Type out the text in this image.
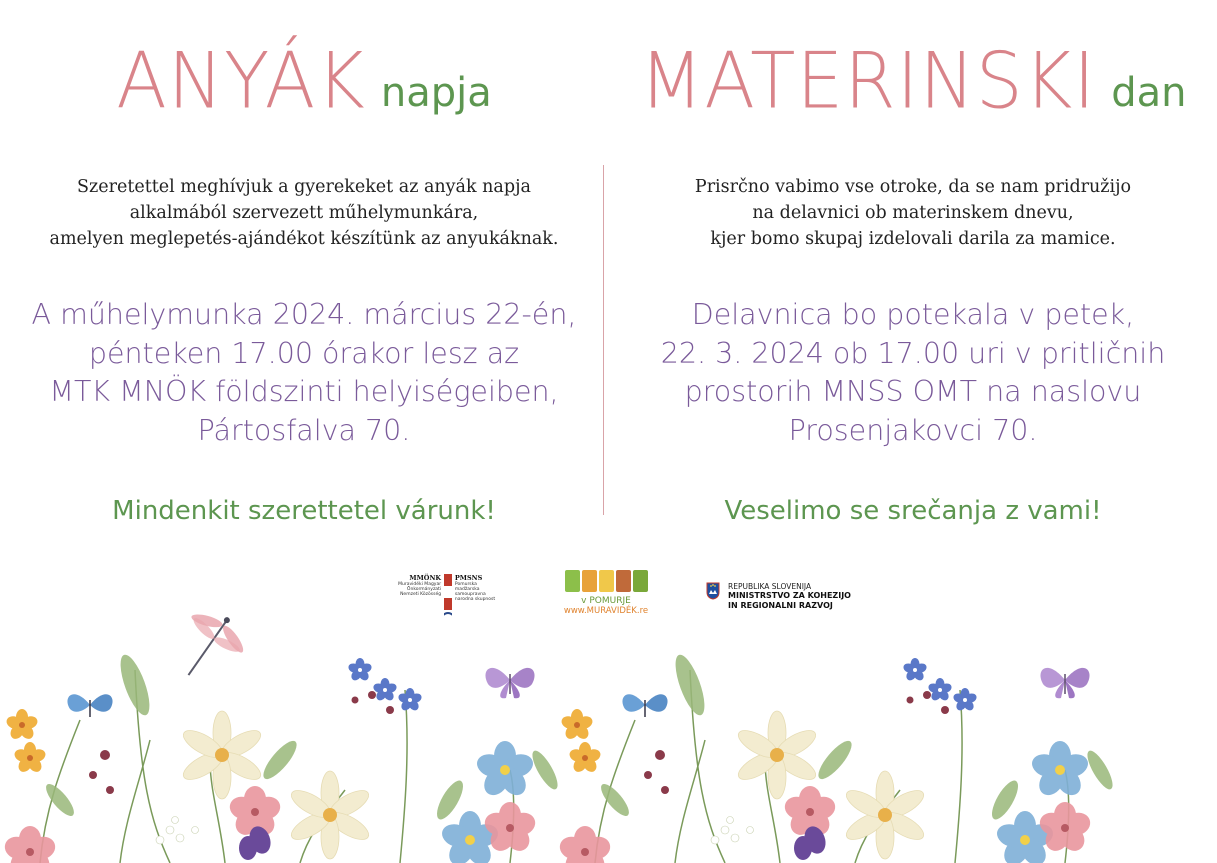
ANYÁK napja
Szeretettel meghívjuk a gyerekeket az anyák napja
alkalmából szervezett műhelymunkára,
amelyen meglepetés-ajándékot készítünk az anyukáknak.
A műhelymunka 2024. március 22-én,
pénteken 17.00 órakor lesz az
MTK MNÖK földszinti helyiségeiben,
Pártosfalva 70.
Mindenkit szerettetel várunk!
MATERINSKI dan
Prisrčno vabimo vse otroke, da se nam pridružijo
na delavnici ob materinskem dnevu,
kjer bomo skupaj izdelovali darila za mamice.
Delavnica bo potekala v petek,
22. 3. 2024 ob 17.00 uri v pritličnih
prostorih MNSS OMT na naslovu
Prosenjakovci 70.
Veselimo se srečanja z vami!
MMÖNK
Muravidéki Magyar
Önkormányzati
Nemzeti Közösség
PMSNS
Pomurska madžarska
samoupravna
narodna skupnost	v POMURJE
www.MURAVIDÉK.re
REPUBLIKA SLOVENIJA
MINISTRSTVO ZA KOHEZIJO
IN REGIONALNI RAZVOJ
